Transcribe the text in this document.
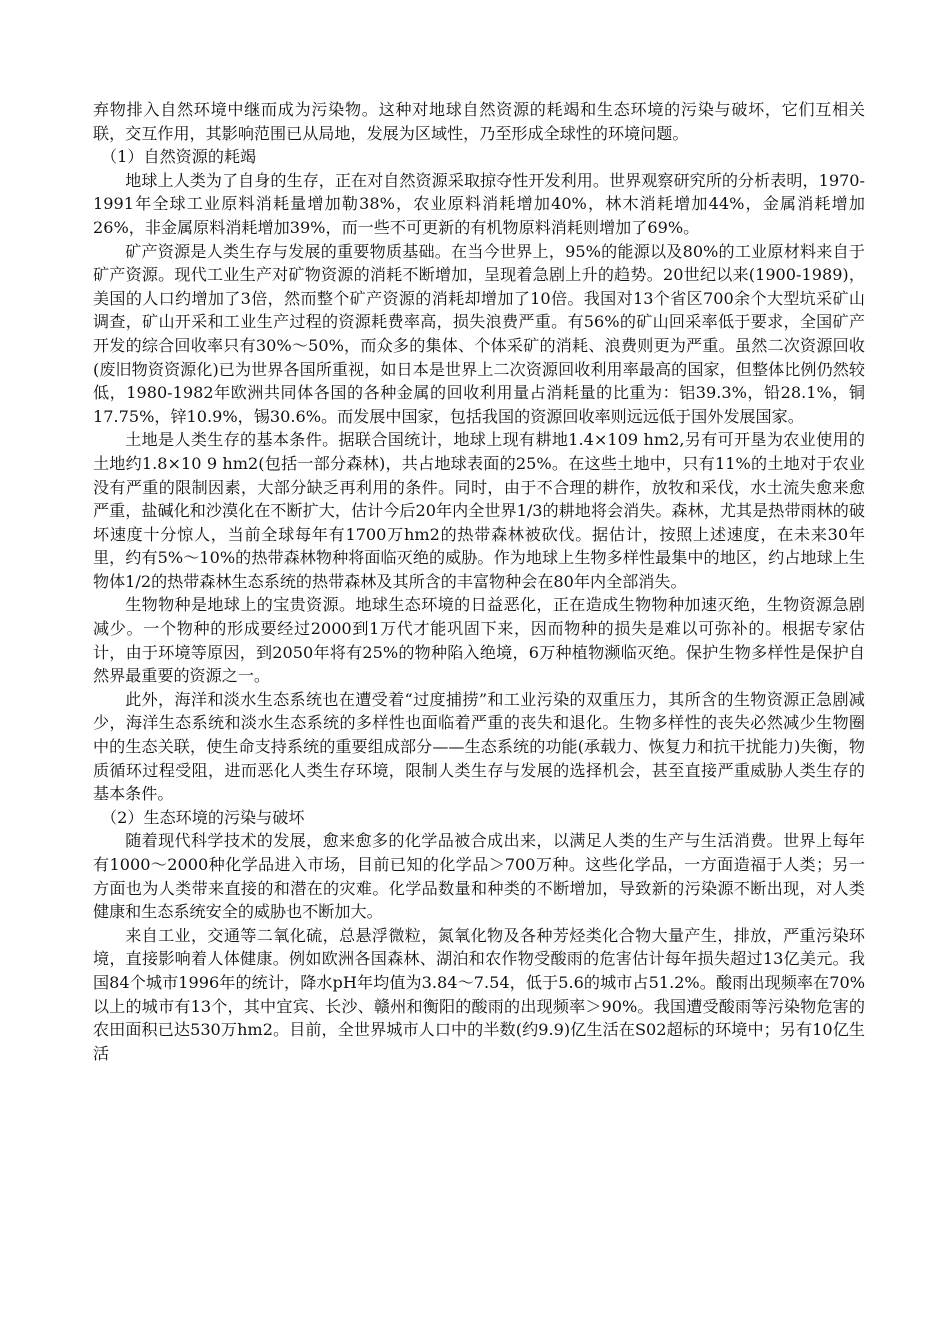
弃物排入自然环境中继而成为污染物。这种对地球自然资源的耗竭和生态环境的污染与破坏，它们互相关联，交互作用，其影响范围已从局地，发展为区域性，乃至形成全球性的环境问题。

（1）自然资源的耗竭

地球上人类为了自身的生存，正在对自然资源采取掠夺性开发利用。世界观察研究所的分析表明，1970-1991年全球工业原料消耗量增加勒38%，农业原料消耗增加40%，林木消耗增加44%，金属消耗增加26%，非金属原料消耗增加39%，而一些不可更新的有机物原料消耗则增加了69%。

矿产资源是人类生存与发展的重要物质基础。在当今世界上，95%的能源以及80%的工业原材料来自于矿产资源。现代工业生产对矿物资源的消耗不断增加，呈现着急剧上升的趋势。20世纪以来(1900-1989)，美国的人口约增加了3倍，然而整个矿产资源的消耗却增加了10倍。我国对13个省区700余个大型坑采矿山调查，矿山开采和工业生产过程的资源耗费率高，损失浪费严重。有56%的矿山回采率低于要求，全国矿产开发的综合回收率只有30%～50%，而众多的集体、个体采矿的消耗、浪费则更为严重。虽然二次资源回收(废旧物资资源化)已为世界各国所重视，如日本是世界上二次资源回收利用率最高的国家，但整体比例仍然较低，1980-1982年欧洲共同体各国的各种金属的回收利用量占消耗量的比重为：铝39.3%，铅28.1%，铜17.75%，锌10.9%，锡30.6%。而发展中国家，包括我国的资源回收率则远远低于国外发展国家。

土地是人类生存的基本条件。据联合国统计，地球上现有耕地1.4×109 hm2,另有可开垦为农业使用的土地约1.8×10 9 hm2(包括一部分森林)，共占地球表面的25%。在这些土地中，只有11%的土地对于农业没有严重的限制因素，大部分缺乏再利用的条件。同时，由于不合理的耕作，放牧和采伐，水土流失愈来愈严重，盐碱化和沙漠化在不断扩大，估计今后20年内全世界1/3的耕地将会消失。森林，尤其是热带雨林的破坏速度十分惊人，当前全球每年有1700万hm2的热带森林被砍伐。据估计，按照上述速度，在未来30年里，约有5%～10%的热带森林物种将面临灭绝的威胁。作为地球上生物多样性最集中的地区，约占地球上生物体1/2的热带森林生态系统的热带森林及其所含的丰富物种会在80年内全部消失。

生物物种是地球上的宝贵资源。地球生态环境的日益恶化，正在造成生物物种加速灭绝，生物资源急剧减少。一个物种的形成要经过2000到1万代才能巩固下来，因而物种的损失是难以可弥补的。根据专家估计，由于环境等原因，到2050年将有25%的物种陷入绝境，6万种植物濒临灭绝。保护生物多样性是保护自然界最重要的资源之一。

此外，海洋和淡水生态系统也在遭受着“过度捕捞”和工业污染的双重压力，其所含的生物资源正急剧减少，海洋生态系统和淡水生态系统的多样性也面临着严重的丧失和退化。生物多样性的丧失必然减少生物圈中的生态关联，使生命支持系统的重要组成部分——生态系统的功能(承载力、恢复力和抗干扰能力)失衡，物质循环过程受阻，进而恶化人类生存环境，限制人类生存与发展的选择机会，甚至直接严重威胁人类生存的基本条件。

（2）生态环境的污染与破坏

随着现代科学技术的发展，愈来愈多的化学品被合成出来，以满足人类的生产与生活消费。世界上每年有1000～2000种化学品进入市场，目前已知的化学品＞700万种。这些化学品，一方面造福于人类；另一方面也为人类带来直接的和潜在的灾难。化学品数量和种类的不断增加，导致新的污染源不断出现，对人类健康和生态系统安全的威胁也不断加大。

来自工业，交通等二氧化硫，总悬浮微粒，氮氧化物及各种芳烃类化合物大量产生，排放，严重污染环境，直接影响着人体健康。例如欧洲各国森林、湖泊和农作物受酸雨的危害估计每年损失超过13亿美元。我国84个城市1996年的统计，降水pH年均值为3.84～7.54，低于5.6的城市占51.2%。酸雨出现频率在70%以上的城市有13个，其中宜宾、长沙、赣州和衡阳的酸雨的出现频率＞90%。我国遭受酸雨等污染物危害的农田面积已达530万hm2。目前，全世界城市人口中的半数(约9.9)亿生活在S02超标的环境中；另有10亿生活
